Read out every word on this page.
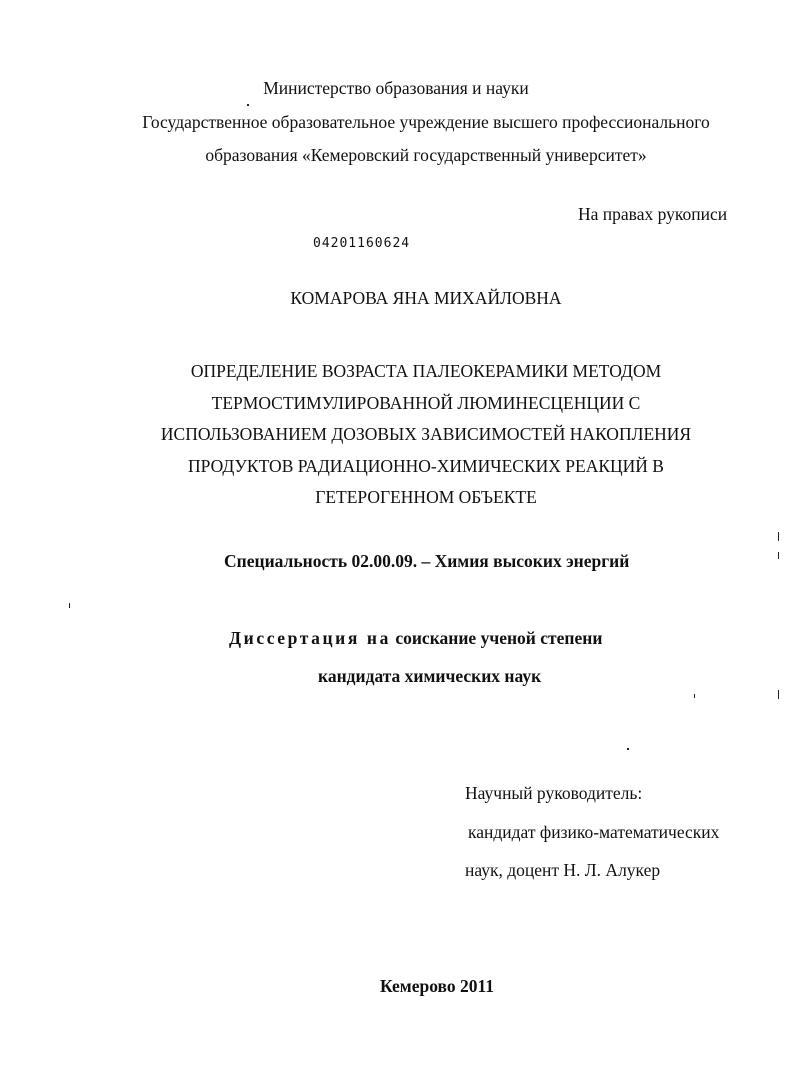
Министерство образования и науки
Государственное образовательное учреждение высшего профессионального
образования «Кемеровский государственный университет»
На правах рукописи
04201160624
КОМАРОВА ЯНА МИХАЙЛОВНА
ОПРЕДЕЛЕНИЕ ВОЗРАСТА ПАЛЕОКЕРАМИКИ МЕТОДОМ
ТЕРМОСТИМУЛИРОВАННОЙ ЛЮМИНЕСЦЕНЦИИ С
ИСПОЛЬЗОВАНИЕМ ДОЗОВЫХ ЗАВИСИМОСТЕЙ НАКОПЛЕНИЯ
ПРОДУКТОВ РАДИАЦИОННО-ХИМИЧЕСКИХ РЕАКЦИЙ В
ГЕТЕРОГЕННОМ ОБЪЕКТЕ
Специальность 02.00.09. – Химия высоких энергий
Диссертация на соискание ученой степени
кандидата химических наук
Научный руководитель:
кандидат физико-математических
наук, доцент Н. Л. Алукер
Кемерово 2011
